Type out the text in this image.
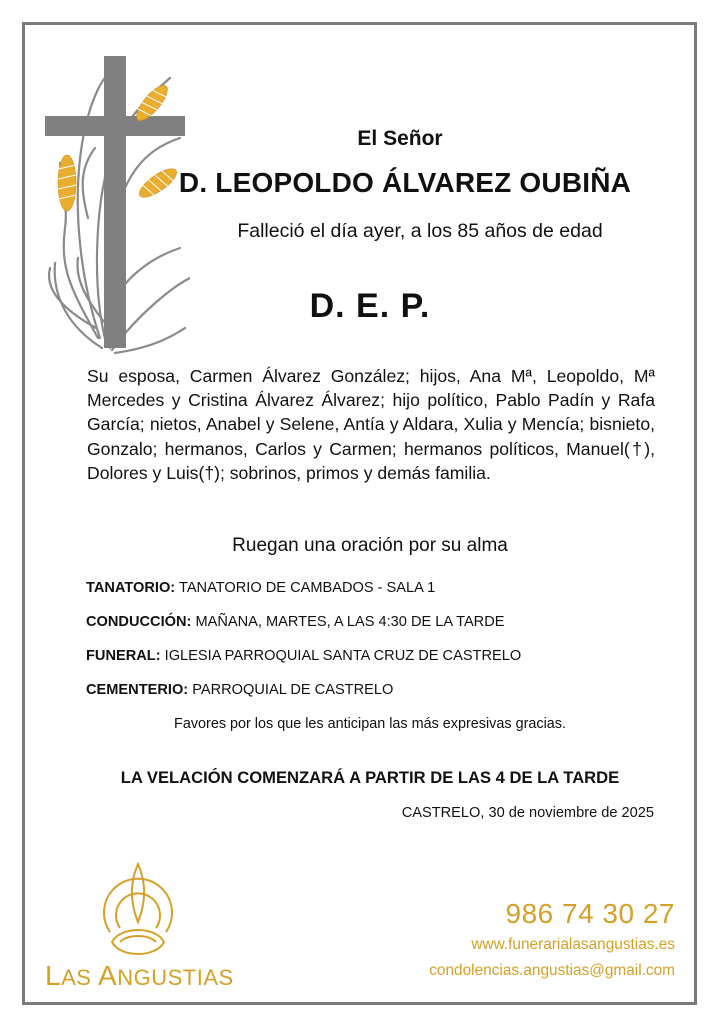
El Señor
D. LEOPOLDO ÁLVAREZ OUBIÑA
Falleció el día ayer, a los 85 años de edad
D. E. P.
Su esposa, Carmen Álvarez González; hijos, Ana Mª, Leopoldo, Mª Mercedes y Cristina Álvarez Álvarez; hijo político, Pablo Padín y Rafa García; nietos, Anabel y Selene, Antía y Aldara, Xulia y Mencía; bisnieto, Gonzalo; hermanos, Carlos y Carmen; hermanos políticos, Manuel(†), Dolores y Luis(†); sobrinos, primos y demás familia.
Ruegan una oración por su alma
TANATORIO: TANATORIO DE CAMBADOS - SALA 1
CONDUCCIÓN: MAÑANA, MARTES, A LAS 4:30 DE LA TARDE
FUNERAL: IGLESIA PARROQUIAL SANTA CRUZ DE CASTRELO
CEMENTERIO: PARROQUIAL DE CASTRELO
Favores por los que les anticipan las más expresivas gracias.
LA VELACIÓN COMENZARÁ A PARTIR DE LAS 4 DE LA TARDE
CASTRELO, 30 de noviembre de 2025
LAS ANGUSTIAS
986 74 30 27
www.funerarialasangustias.es
condolencias.angustias@gmail.com
